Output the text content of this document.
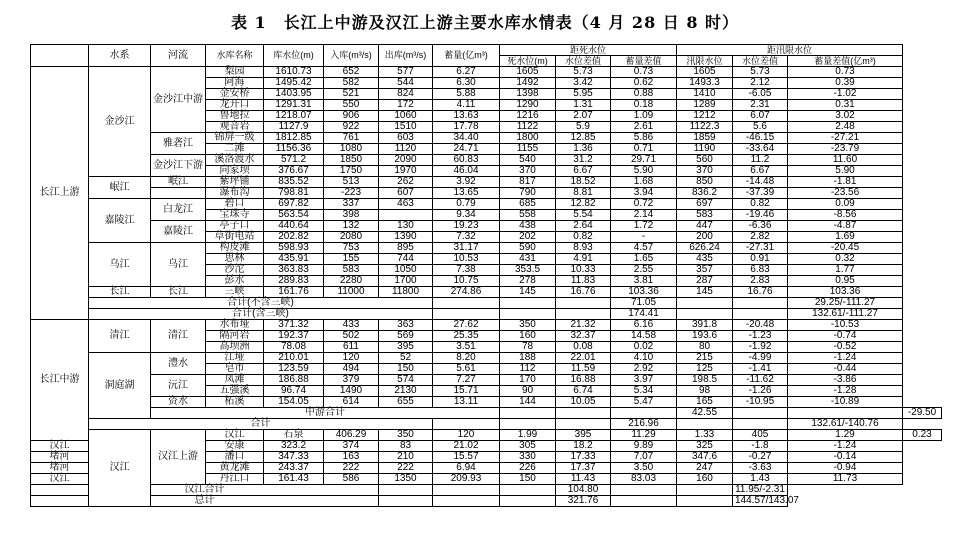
表 1　长江上中游及汉江上游主要水库水情表（4 月 28 日 8 时）
	水系	河流	水库名称	库水位(m)	入库(m³/s)	出库(m³/s)	蓄量(亿m³)	距死水位			距汛限水位			
								死水位(m)	水位差值	蓄量差值	汛限水位	水位差值	蓄量差值(亿m³)	
长江上游	金沙江	金沙江中游	梨园	1610.73	652	577	6.27	1605	5.73	0.73	1605	5.73	0.73	
			阿海	1495.42	582	544	6.30	1492	3.42	0.62	1493.3	2.12	0.39	
			金安桥	1403.95	521	824	5.88	1398	5.95	0.88	1410	-6.05	-1.02	
			龙开口	1291.31	550	172	4.11	1290	1.31	0.18	1289	2.31	0.31	
			鲁地拉	1218.07	906	1060	13.63	1216	2.07	1.09	1212	6.07	3.02	
			观音岩	1127.9	922	1510	17.78	1122	5.9	2.61	1122.3	5.6	2.48	
		雅砻江	锦屏一级	1812.85	761	603	34.40	1800	12.85	5.86	1859	-46.15	-27.21	
			二滩	1156.36	1080	1120	24.71	1155	1.36	0.71	1190	-33.64	-23.79	
		金沙江下游	溪洛渡水	571.2	1850	2090	60.83	540	31.2	29.71	560	11.2	11.60	
			向家坝	376.67	1750	1970	46.04	370	6.67	5.90	370	6.67	5.90	
	岷江	岷江	紫坪铺	835.52	513	262	3.92	817	18.52	1.68	850	-14.48	-1.81	
			瀑布沟	798.81	-223	607	13.65	790	8.81	3.94	836.2	-37.39	-23.56	
	嘉陵江	白龙江	碧口	697.82	337	463	0.79	685	12.82	0.72	697	0.82	0.09	
			宝珠寺	563.54	398		9.34	558	5.54	2.14	583	-19.46	-8.56	
		嘉陵江	亭子口	440.64	132	130	19.23	438	2.64	1.72	447	-6.36	-4.87	
			草街电站	202.82	2080	1390	7.32	202	0.82	-	200	2.82	1.69	
	乌江	乌江	构皮滩	598.93	753	895	31.17	590	8.93	4.57	626.24	-27.31	-20.45	
			思林	435.91	155	744	10.53	431	4.91	1.65	435	0.91	0.32	
			沙沱	363.83	583	1050	7.38	353.5	10.33	2.55	357	6.83	1.77	
			彭水	289.83	2280	1700	10.75	278	11.83	3.81	287	2.83	0.95	
	长江	长江	三峡	161.76	11000	11800	274.86	145	16.76	103.36	145	16.76	103.36	
	合计(不含三峡)									71.05			29.25/-111.27	
	合计(含三峡)									174.41			132.61/-111.27	
长江中游	清江	清江	水布垭	371.32	433	363	27.62	350	21.32	6.16	391.8	-20.48	-10.53	
			隔河岩	192.37	502	569	25.35	160	32.37	14.58	193.6	-1.23	-0.74	
			高坝洲	78.08	611	395	3.51	78	0.08	0.02	80	-1.92	-0.52	
	洞庭湖	澧水	江垭	210.01	120	52	8.20	188	22.01	4.10	215	-4.99	-1.24	
			皂市	123.59	494	150	5.61	112	11.59	2.92	125	-1.41	-0.44	
		沅江	凤滩	186.88	379	574	7.27	170	16.88	3.97	198.5	-11.62	-3.86	
			五强溪	96.74	1490	2130	15.71	90	6.74	5.34	98	-1.26	-1.28	
		资水	柘溪	154.05	614	655	13.11	144	10.05	5.47	165	-10.95	-10.89	
		中游合计									42.55			-29.50
	合计									216.96			132.61/-140.76	
	汉江	汉江上游	汉江	石泉	406.29	350	120	1.99	395	11.29	1.33	405	1.29	0.23
汉江			安康	323.2	374	83	21.02	305	18.2	9.89	325	-1.8	-1.24	
堵河			潘口	347.33	163	210	15.57	330	17.33	7.07	347.6	-0.27	-0.14	
堵河			黄龙滩	243.37	222	222	6.94	226	17.37	3.50	247	-3.63	-0.94	
汉江			丹江口	161.43	586	1350	209.93	150	11.43	83.03	160	1.43	11.73	
汉江合计									104.80			11.95/-2.31		
总计									321.76			144.57/143.07		
